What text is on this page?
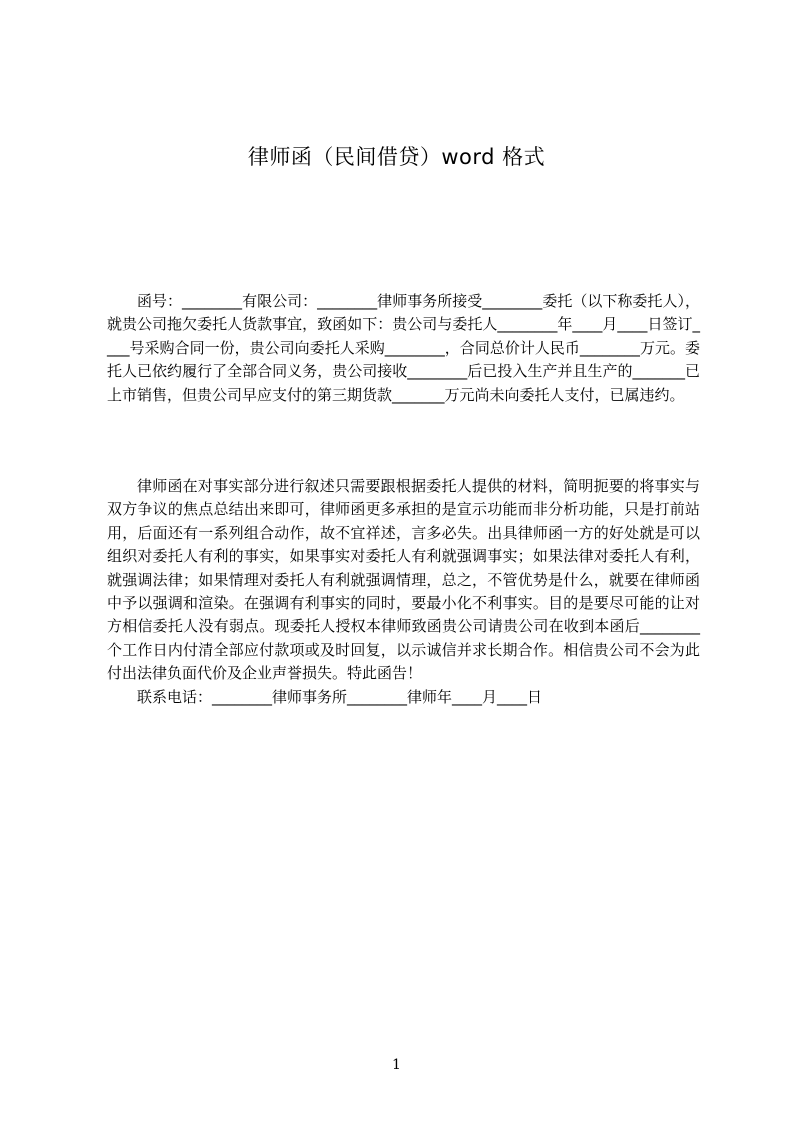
律师函（民间借贷）word 格式

函号：________有限公司：________律师事务所接受________委托（以下称委托人），就贵公司拖欠委托人货款事宜，致函如下：贵公司与委托人________年____月____日签订____号采购合同一份，贵公司向委托人采购________，合同总价计人民币________万元。委托人已依约履行了全部合同义务，贵公司接收________后已投入生产并且生产的_______已上市销售，但贵公司早应支付的第三期货款_______万元尚未向委托人支付，已属违约。

律师函在对事实部分进行叙述只需要跟根据委托人提供的材料，简明扼要的将事实与双方争议的焦点总结出来即可，律师函更多承担的是宣示功能而非分析功能，只是打前站用，后面还有一系列组合动作，故不宜祥述，言多必失。出具律师函一方的好处就是可以组织对委托人有利的事实，如果事实对委托人有利就强调事实；如果法律对委托人有利，就强调法律；如果情理对委托人有利就强调情理，总之，不管优势是什么，就要在律师函中予以强调和渲染。在强调有利事实的同时，要最小化不利事实。目的是要尽可能的让对方相信委托人没有弱点。现委托人授权本律师致函贵公司请贵公司在收到本函后________个工作日内付清全部应付款项或及时回复，以示诚信并求长期合作。相信贵公司不会为此付出法律负面代价及企业声誉损失。特此函告！

联系电话：________律师事务所________律师年____月____日

1
